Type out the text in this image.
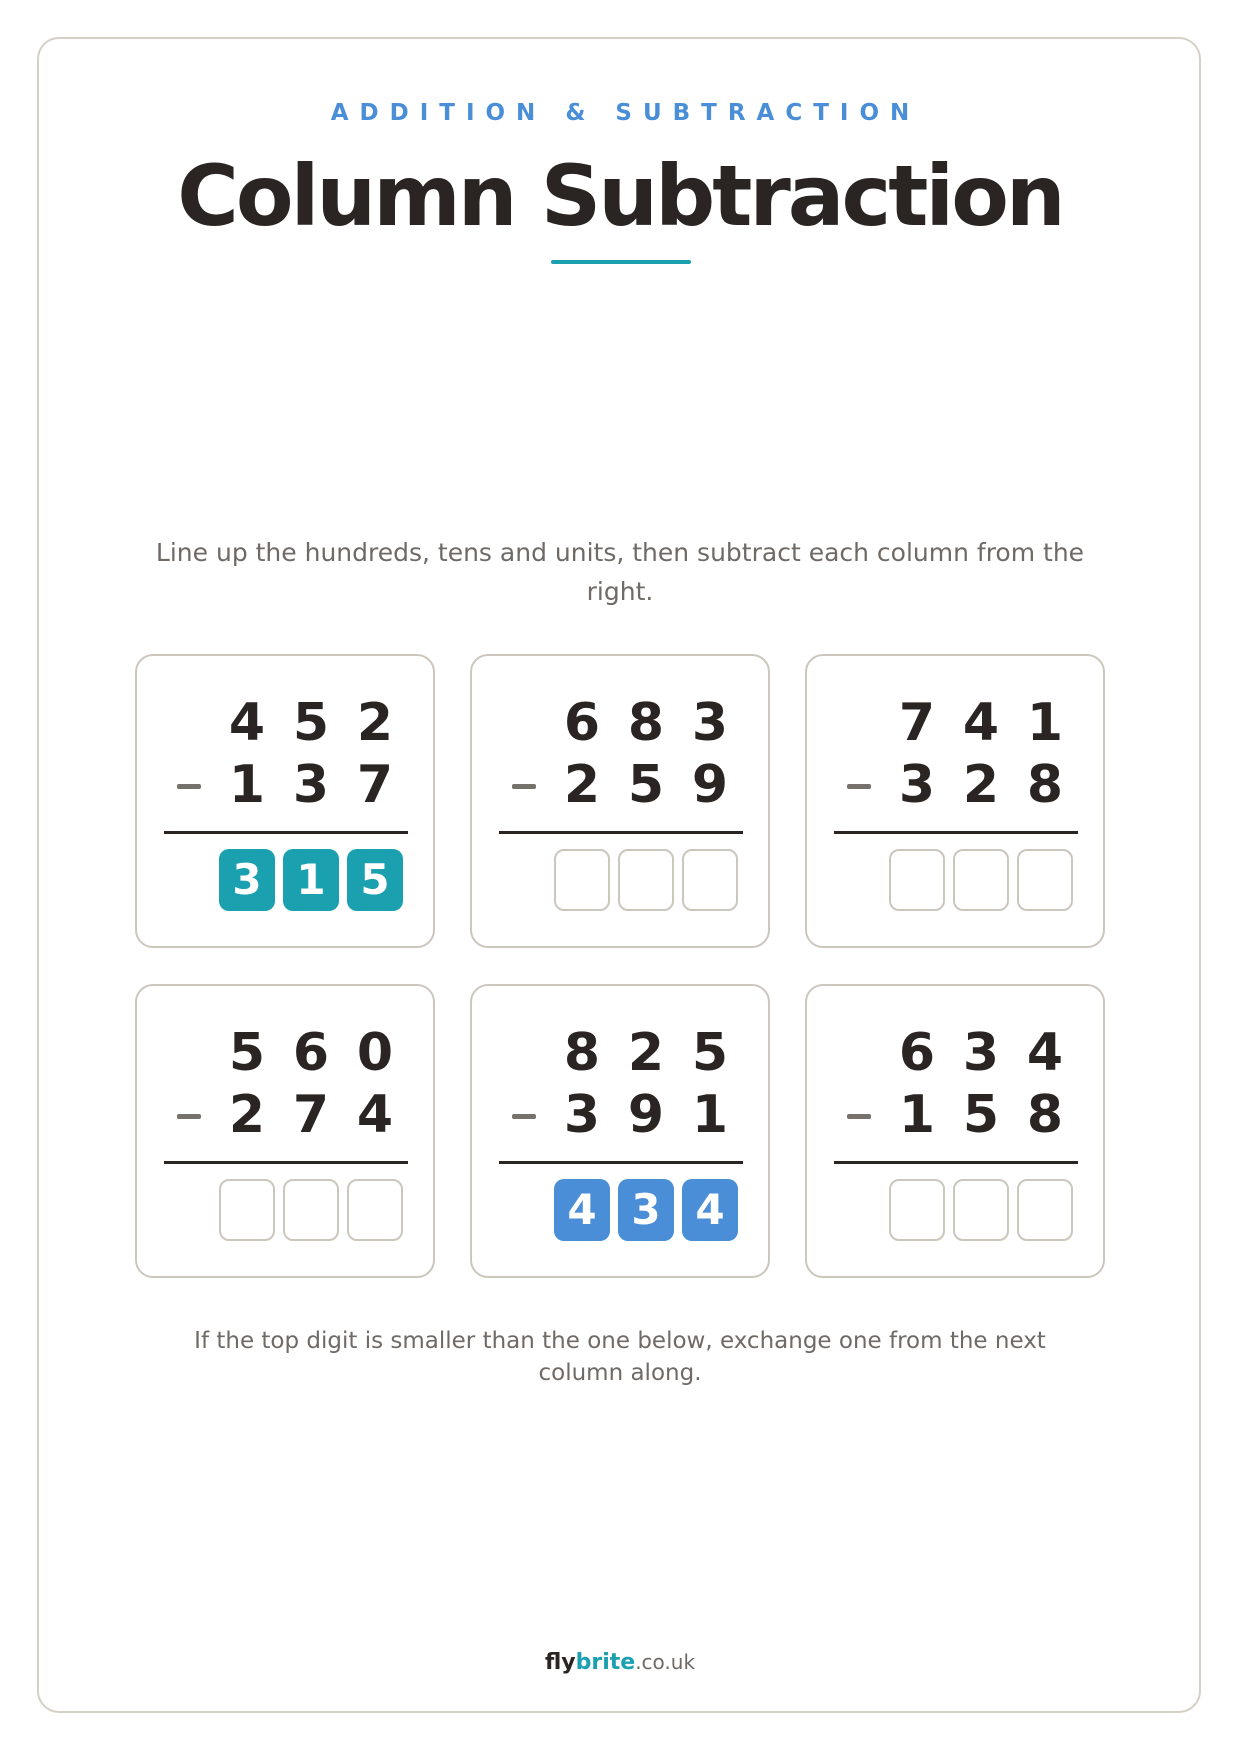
ADDITION & SUBTRACTION
Column Subtraction
Line up the hundreds, tens and units, then subtract each column from the right.
4 5 2
1 3 7
3 1 5
6 8 3
2 5 9
7 4 1
3 2 8
5 6 0
2 7 4
8 2 5
3 9 1
4 3 4
6 3 4
1 5 8
If the top digit is smaller than the one below, exchange one from the next column along.
flybrite.co.uk
